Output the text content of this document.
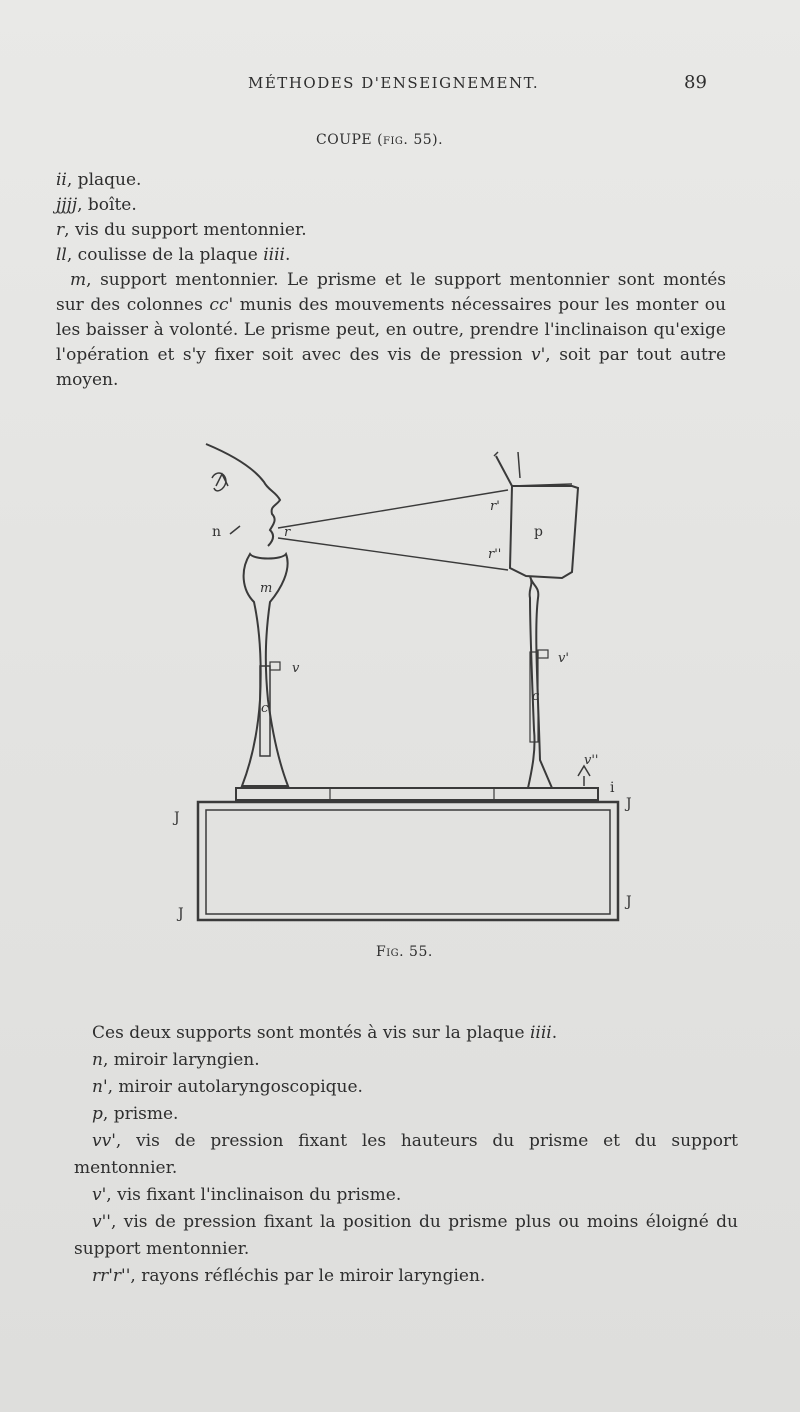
MÉTHODES D'ENSEIGNEMENT.	89
COUPE (fig. 55).
ii, plaque.
jjjj, boîte.
r, vis du support mentonnier.
ll, coulisse de la plaque iiii.

m, support mentonnier. Le prisme et le support mentonnier sont montés sur des colonnes cc' munis des mouvements nécessaires pour les monter ou les baisser à volonté. Le prisme peut, en outre, prendre l'inclinaison qu'exige l'opération et s'y fixer soit avec des vis de pression v', soit par tout autre moyen.

n	r
m
c
v
r'
r''
p
c
v'
v''
i
J
J
J
J
Fig. 55.
Ces deux supports sont montés à vis sur la plaque iiii.
n, miroir laryngien.
n', miroir autolaryngoscopique.
p, prisme.
vv', vis de pression fixant les hauteurs du prisme et du support mentonnier.
v', vis fixant l'inclinaison du prisme.
v'', vis de pression fixant la position du prisme plus ou moins éloigné du support mentonnier.
rr'r'', rayons réfléchis par le miroir laryngien.
